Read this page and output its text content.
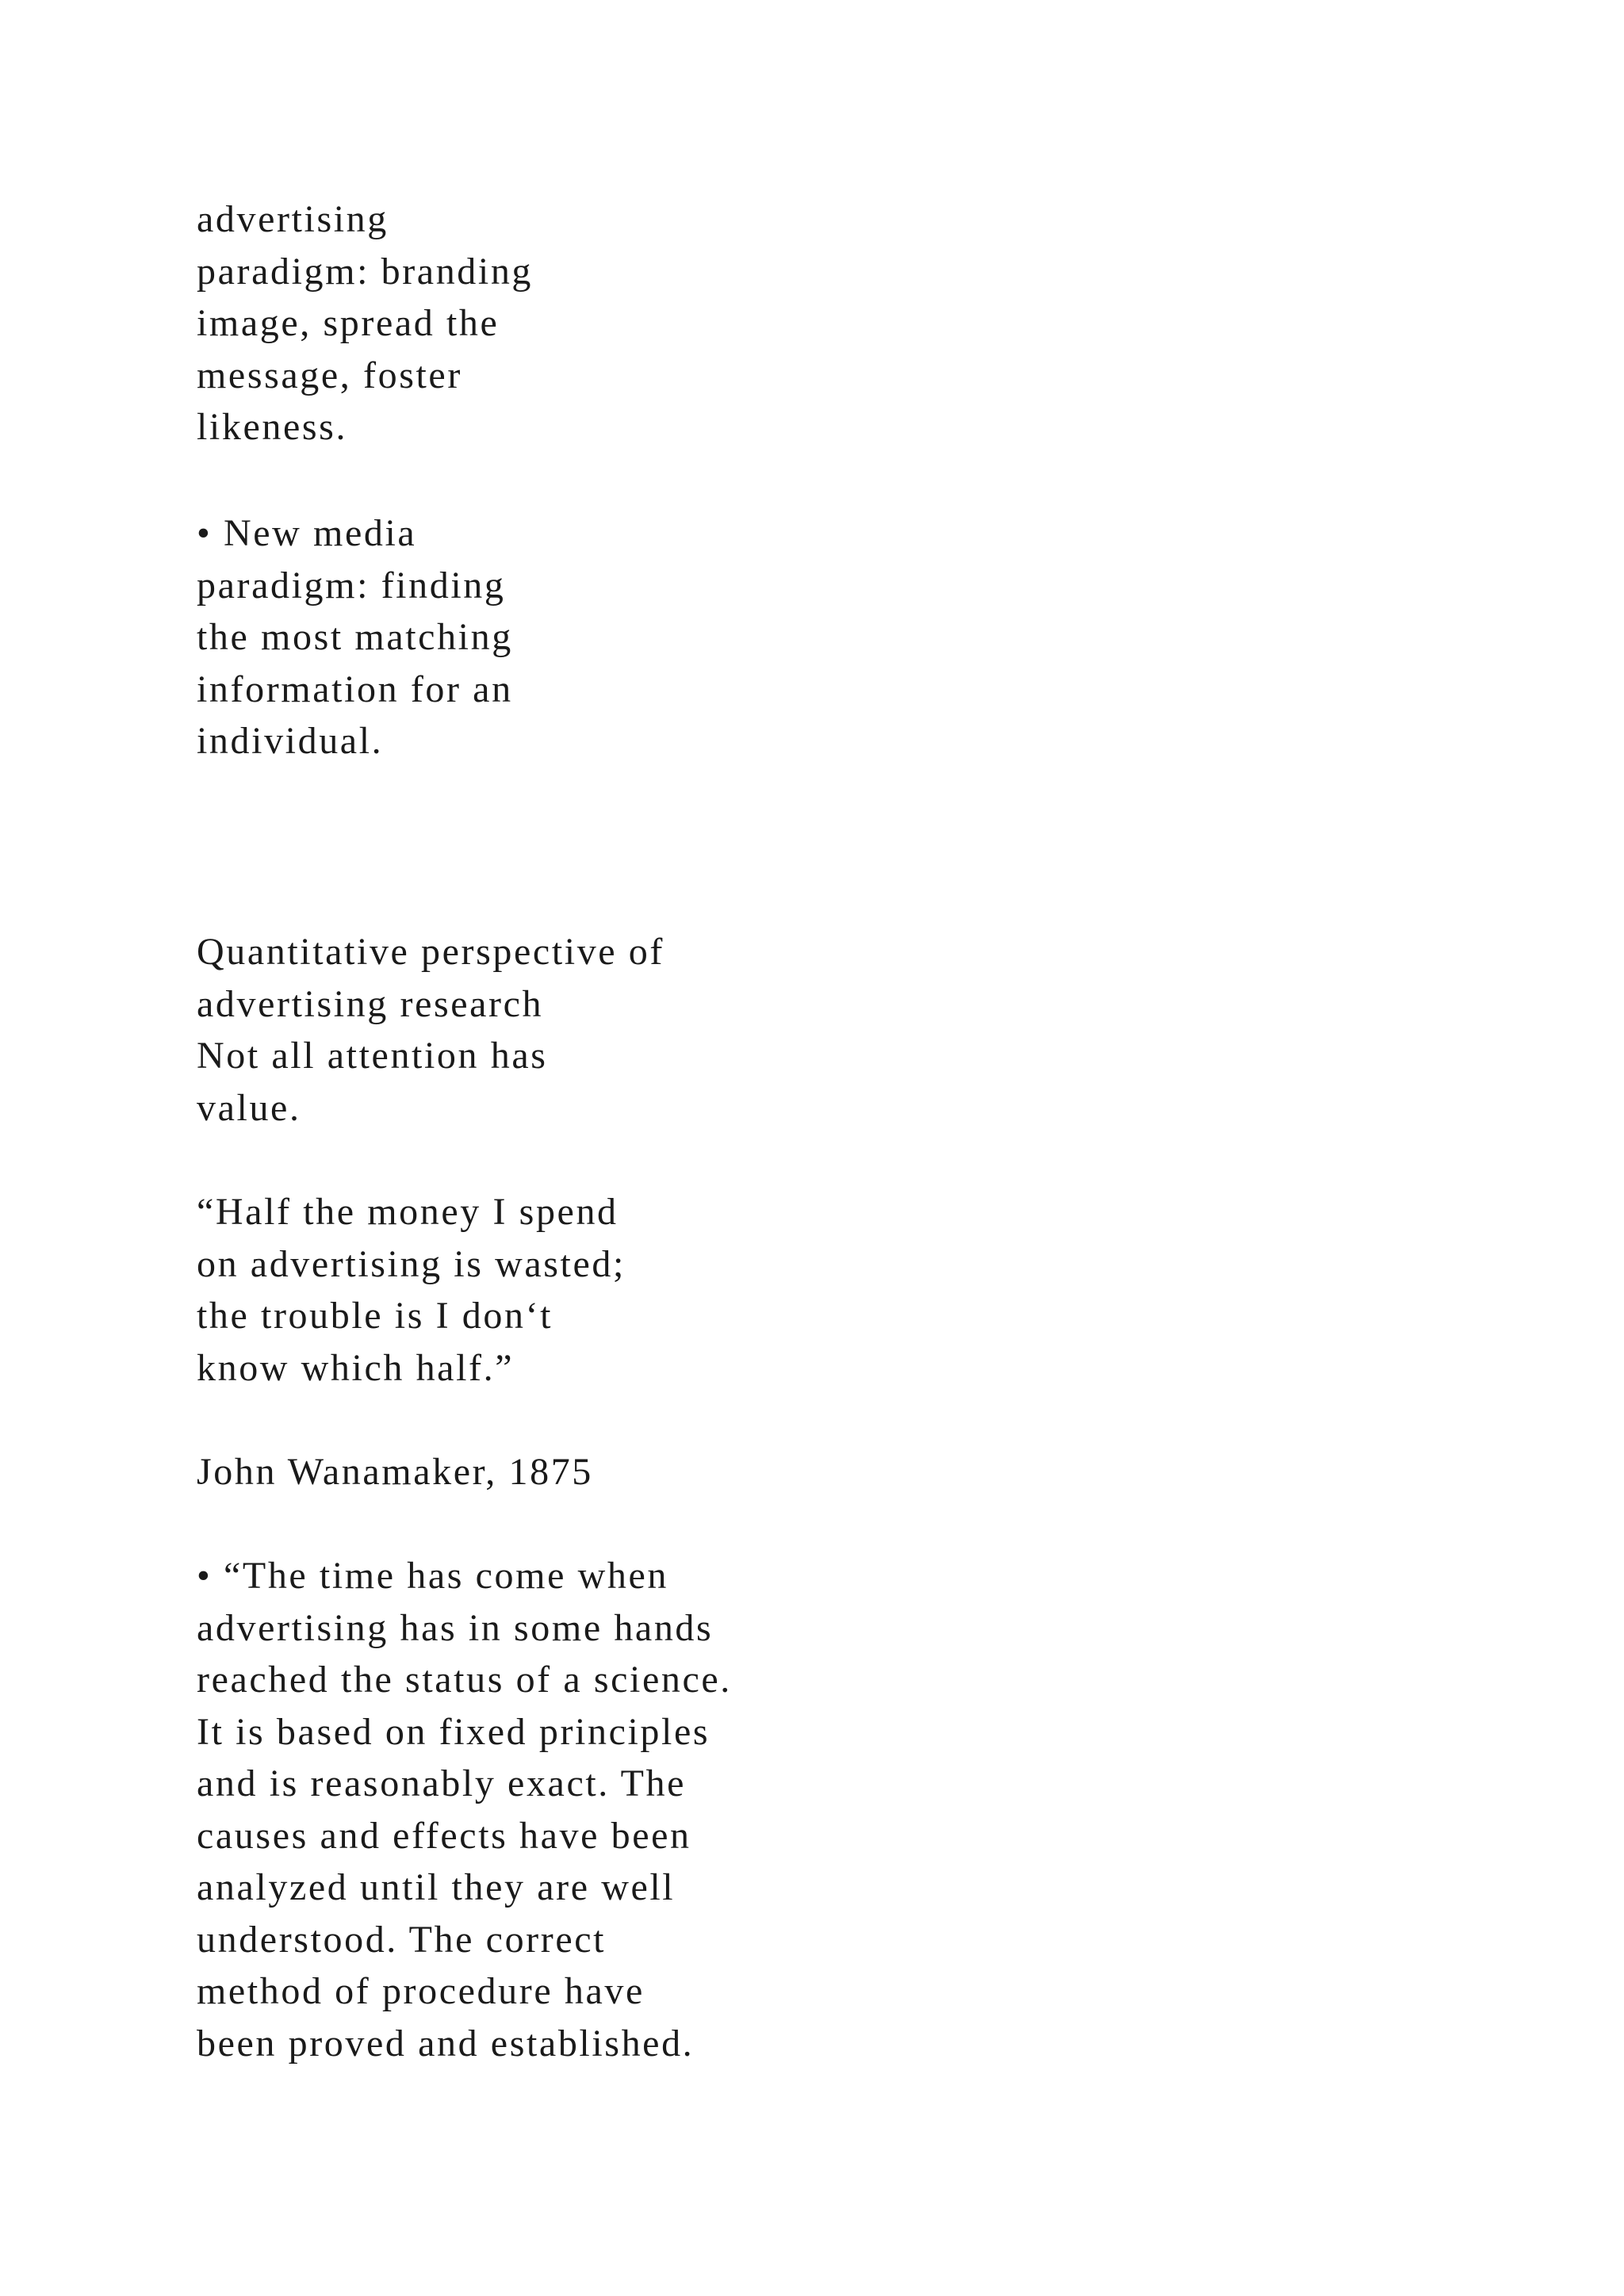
advertising
paradigm: branding
image, spread the
message, foster
likeness.

• New media
paradigm: finding
the most matching
information for an
individual.

Quantitative perspective of
advertising research
Not all attention has
value.

“Half the money I spend
on advertising is wasted;
the trouble is I don‘t
know which half.”

John Wanamaker, 1875

• “The time has come when
advertising has in some hands
reached the status of a science.
It is based on fixed principles
and is reasonably exact. The
causes and effects have been
analyzed until they are well
understood. The correct
method of procedure have
been proved and established.
